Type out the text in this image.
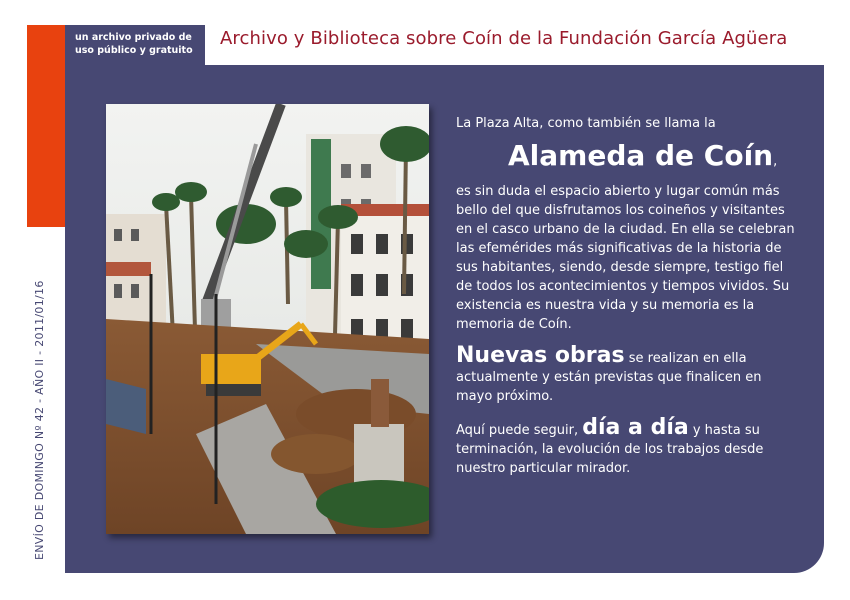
un archivo privado de
uso público y gratuito
Archivo y Biblioteca sobre Coín de la Fundación García Agüera
ENVÍO DE DOMINGO Nº 42 - AÑO II - 2011/01/16

La Plaza Alta, como también se llama la

Alameda de Coín,

es sin duda el espacio abierto y lugar común más bello del que disfrutamos los coineños y visitantes en el casco urbano de la ciudad. En ella se celebran las efemérides más significativas de la historia de sus habitantes, siendo, desde siempre, testigo fiel de todos los acontecimientos y tiempos vividos. Su existencia es nuestra vida y su memoria es la memoria de Coín.

Nuevas obras se realizan en ella actualmente y están previstas que finalicen en mayo próximo.

Aquí puede seguir, día a día y hasta su terminación, la evolución de los trabajos desde nuestro particular mirador.
